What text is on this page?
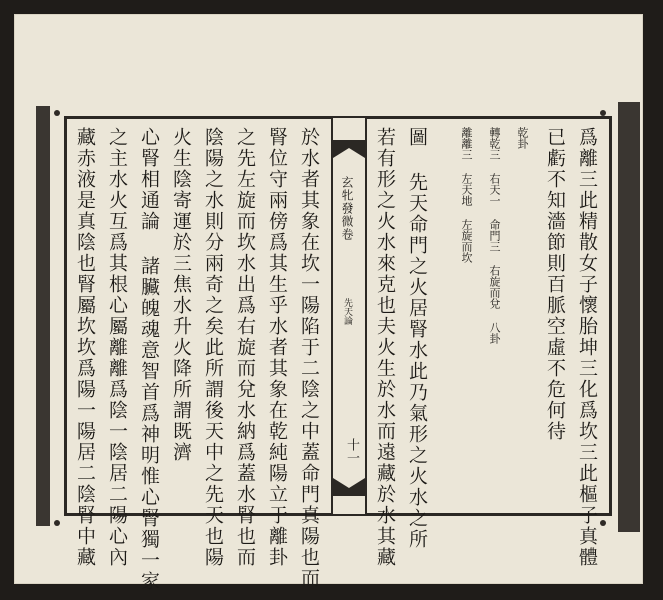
於水者其象在坎一陽陷于二陰之中蓋命門真陽也而
腎位守兩傍爲其生乎水者其象在乾純陽立于離卦
之先左旋而坎水出爲右旋而兌水納爲蓋水腎也而
陰陽之水則分兩奇之矣此所謂後天中之先天也陽
火生陰寄運於三焦水升火降所謂既濟
心腎相通論 諸臟魄魂意智首爲神明惟心腎獨一家
之主水火互爲其根心屬離離爲陰一陰居二陽心內
藏赤液是真陰也腎屬坎坎爲陽一陽居二陰腎中藏	玄牝發微卷
先天論
十一	爲離三此精散女子懷胎坤三化爲坎三此樞子真體
已虧不知濇節則百脈空虛不危何待
乾卦
轉乾三 右天一 命門三 右旋而兌 八卦
離離三 左天地 左旋而坎
圖 先天命門之火居腎水此乃氣形之火水之所
若有形之火水來克也夫火生於水而遠藏於水其藏
